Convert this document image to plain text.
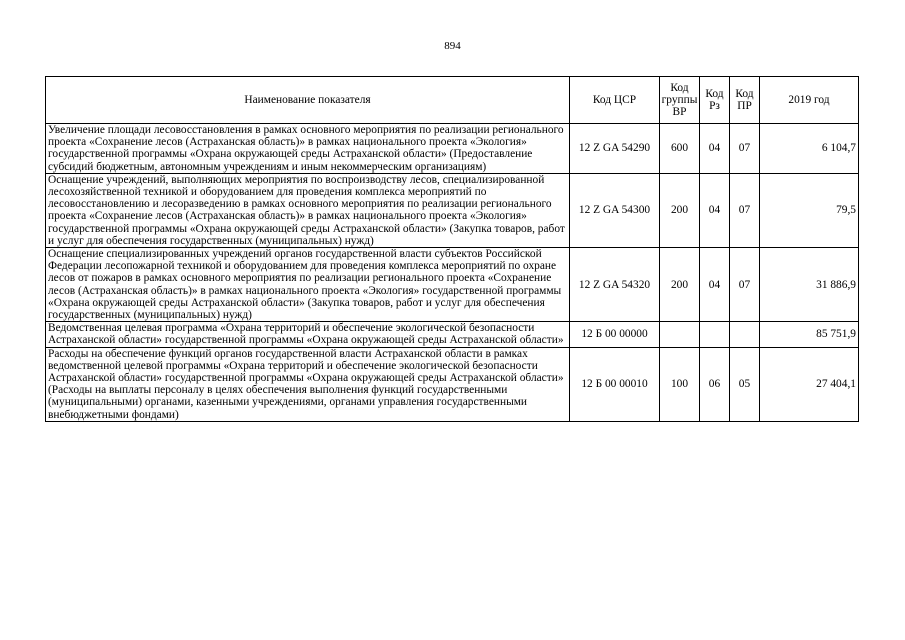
894
Наименование показателя	Код ЦСР	Код группы ВР	Код Рз	Код ПР	2019 год
Увеличение площади лесовосстановления в рамках основного мероприятия по реализации регионального проекта «Сохранение лесов (Астраханская область)» в рамках национального проекта «Экология» государственной программы «Охрана окружающей среды Астраханской области» (Предоставление субсидий бюджетным, автономным учреждениям и иным некоммерческим организациям)	12 Z GA 54290	600	04	07	6 104,7
Оснащение учреждений, выполняющих мероприятия по воспроизводству лесов, специализированной лесохозяйственной техникой и оборудованием для проведения комплекса мероприятий по лесовосстановлению и лесоразведению в рамках основного мероприятия по реализации регионального проекта «Сохранение лесов (Астраханская область)» в рамках национального проекта «Экология» государственной программы «Охрана окружающей среды Астраханской области» (Закупка товаров, работ и услуг для обеспечения государственных (муниципальных) нужд)	12 Z GA 54300	200	04	07	79,5
Оснащение специализированных учреждений органов государственной власти субъектов Российской Федерации лесопожарной техникой и оборудованием для проведения комплекса мероприятий по охране лесов от пожаров в рамках основного мероприятия по реализации регионального проекта «Сохранение лесов (Астраханская область)» в рамках национального проекта «Экология» государственной программы «Охрана окружающей среды Астраханской области» (Закупка товаров, работ и услуг для обеспечения государственных (муниципальных) нужд)	12 Z GA 54320	200	04	07	31 886,9
Ведомственная целевая программа «Охрана территорий и обеспечение экологической безопасности Астраханской области» государственной программы «Охрана окружающей среды Астраханской области»	12 Б 00 00000				85 751,9
Расходы на обеспечение функций органов государственной власти Астраханской области в рамках ведомственной целевой программы «Охрана территорий и обеспечение экологической безопасности Астраханской области» государственной программы «Охрана окружающей среды Астраханской области» (Расходы на выплаты персоналу в целях обеспечения выполнения функций государственными (муниципальными) органами, казенными учреждениями, органами управления государственными внебюджетными фондами)	12 Б 00 00010	100	06	05	27 404,1
